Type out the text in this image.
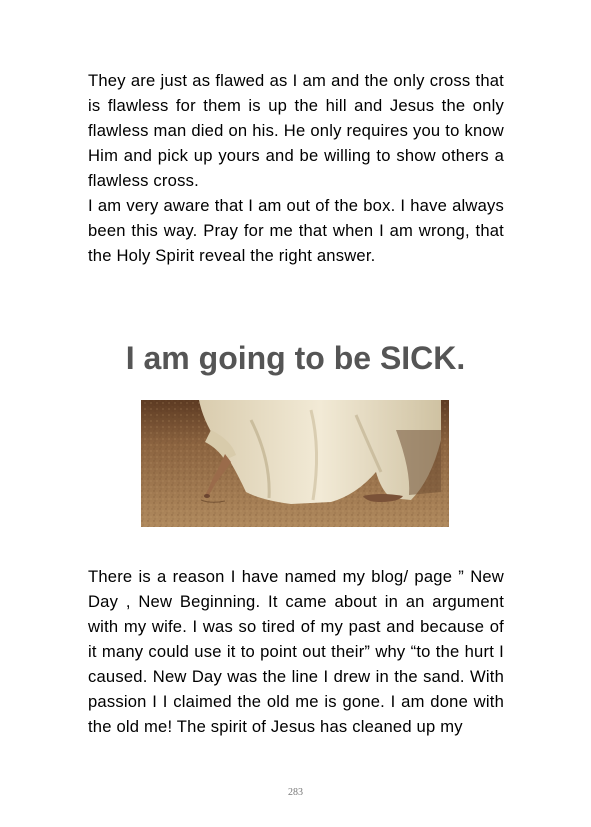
They are just as flawed as I am and the only cross that is flawless for them is up the hill and Jesus the only flawless man died on his. He only requires you to know Him and pick up yours and be willing to show others a flawless cross.

I am very aware that I am out of the box. I have always been this way. Pray for me that when I am wrong, that the Holy Spirit reveal the right answer.

I am going to be SICK.

There is a reason I have named my blog/ page ” New Day , New Beginning. It came about in an argument with my wife. I was so tired of my past and because of it many could use it to point out their” why “to the hurt I caused. New Day was the line I drew in the sand. With passion I I claimed the old me is gone. I am done with the old me! The spirit of Jesus has cleaned up my

283
